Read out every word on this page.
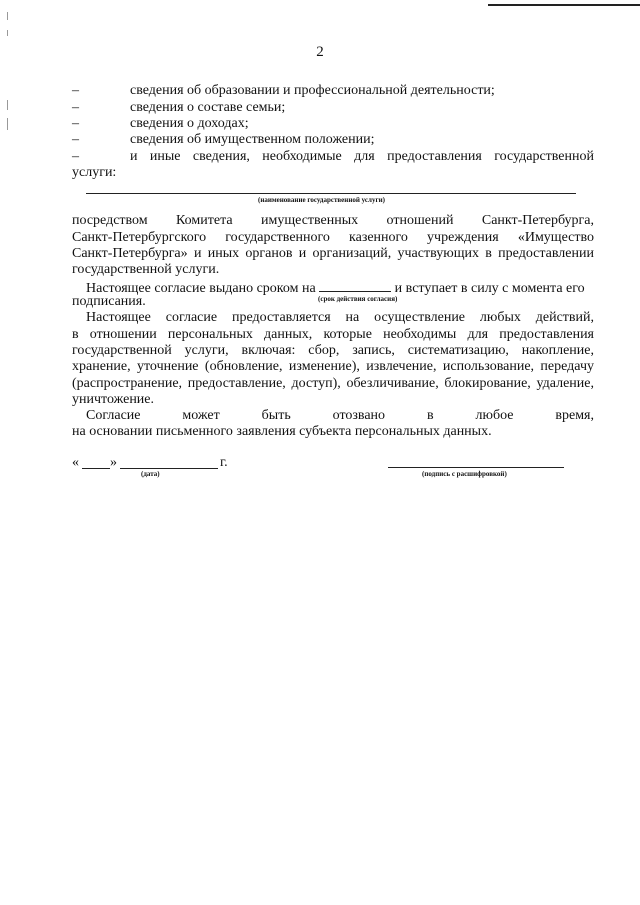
2
–	сведения об образовании и профессиональной деятельности;
–	сведения о составе семьи;
–	сведения о доходах;
–	сведения об имущественном положении;
–	и иные сведения, необходимые для предоставления государственной
услуги:
(наименование государственной услуги)
посредством Комитета имущественных отношений Санкт-Петербурга,
Санкт-Петербургского государственного казенного учреждения «Имущество
Санкт-Петербурга» и иных органов и организаций, участвующих в предоставлении
государственной услуги.
Настоящее согласие выдано сроком на	и вступает в силу с момента его
подписания.	(срок действия согласия)
Настоящее согласие предоставляется на осуществление любых действий,
в отношении персональных данных, которые необходимы для предоставления
государственной услуги, включая: сбор, запись, систематизацию, накопление,
хранение, уточнение (обновление, изменение), извлечение, использование, передачу
(распространение, предоставление, доступ), обезличивание, блокирование, удаление,
уничтожение.
Согласие может быть отозвано в любое время,
на основании письменного заявления субъекта персональных данных.
« »	г.
(дата)	(подпись с расшифровкой)
